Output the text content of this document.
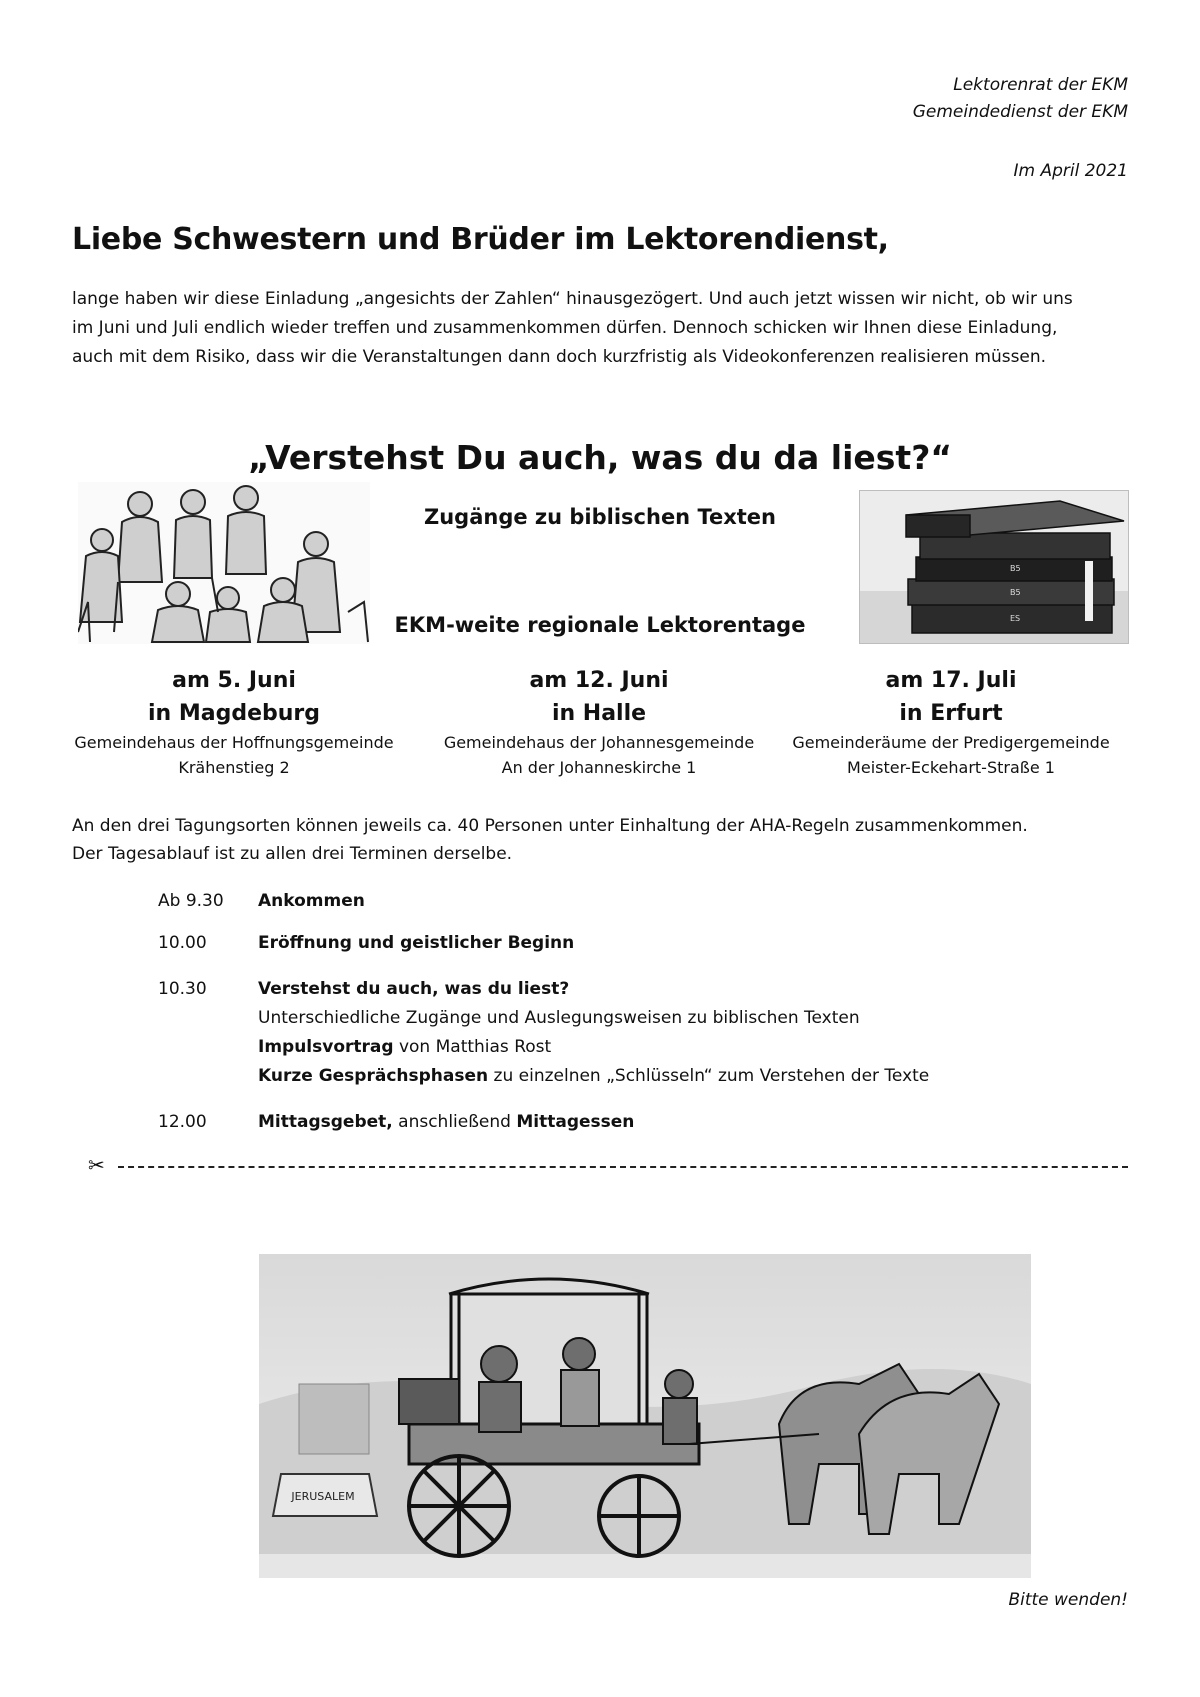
Lektorenrat der EKM
Gemeindedienst der EKM
Im April 2021
Liebe Schwestern und Brüder im Lektorendienst,
lange haben wir diese Einladung „angesichts der Zahlen“ hinausgezögert. Und auch jetzt wissen wir nicht, ob wir uns
im Juni und Juli endlich wieder treffen und zusammenkommen dürfen. Dennoch schicken wir Ihnen diese Einladung,
auch mit dem Risiko, dass wir die Veranstaltungen dann doch kurzfristig als Videokonferenzen realisieren müssen.
„Verstehst Du auch, was du da liest?“
Zugänge zu biblischen Texten
EKM-weite regionale Lektorentage
B5
B5
ES
am 5. Juni
in Magdeburg
Gemeindehaus der Hoffnungsgemeinde
Krähenstieg 2
am 12. Juni
in Halle
Gemeindehaus der Johannesgemeinde
An der Johanneskirche 1
am 17. Juli
in Erfurt
Gemeinderäume der Predigergemeinde
Meister-Eckehart-Straße 1
An den drei Tagungsorten können jeweils ca. 40 Personen unter Einhaltung der AHA-Regeln zusammenkommen.
Der Tagesablauf ist zu allen drei Terminen derselbe.
Ab 9.30	Ankommen
10.00	Eröffnung und geistlicher Beginn
10.30	Verstehst du auch, was du liest?
Unterschiedliche Zugänge und Auslegungsweisen zu biblischen Texten
Impulsvortrag von Matthias Rost
Kurze Gesprächsphasen zu einzelnen „Schlüsseln“ zum Verstehen der Texte
12.00	Mittagsgebet, anschließend Mittagessen
✂
JERUSALEM
Bitte wenden!
